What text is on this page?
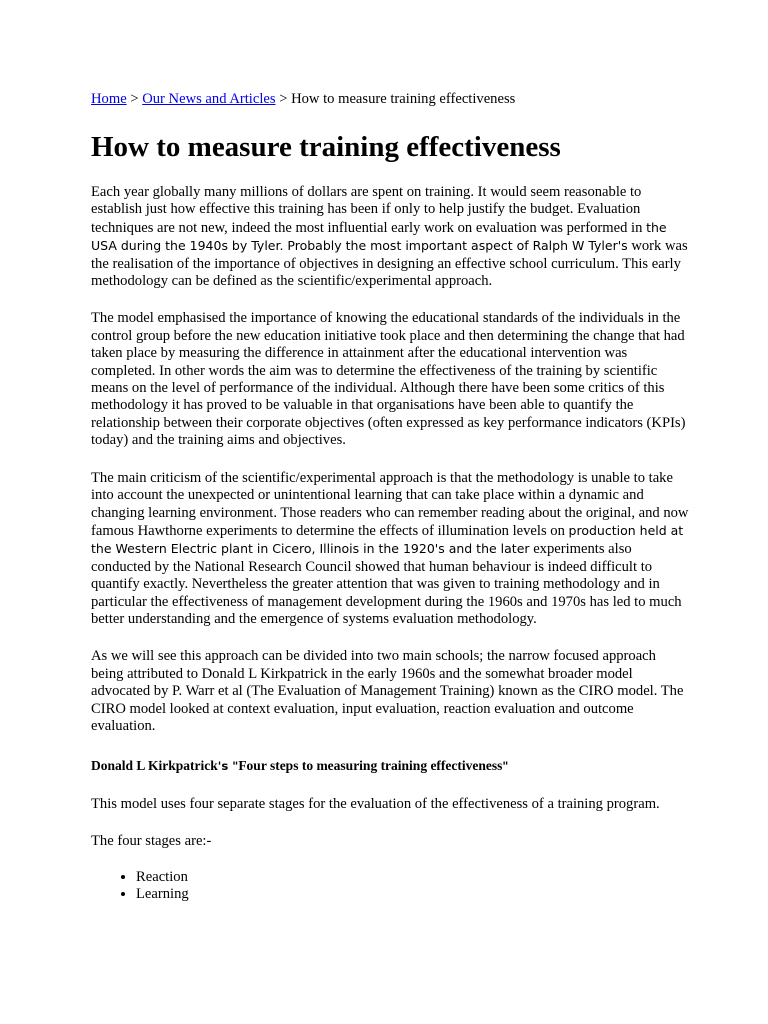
Home > Our News and Articles > How to measure training effectiveness

How to measure training effectiveness

Each year globally many millions of dollars are spent on training. It would seem reasonable to establish just how effective this training has been if only to help justify the budget. Evaluation techniques are not new, indeed the most influential early work on evaluation was performed in the USA during the 1940s by Tyler. Probably the most important aspect of Ralph W Tyler's work was the realisation of the importance of objectives in designing an effective school curriculum. This early methodology can be defined as the scientific/experimental approach.

The model emphasised the importance of knowing the educational standards of the individuals in the control group before the new education initiative took place and then determining the change that had taken place by measuring the difference in attainment after the educational intervention was completed. In other words the aim was to determine the effectiveness of the training by scientific means on the level of performance of the individual. Although there have been some critics of this methodology it has proved to be valuable in that organisations have been able to quantify the relationship between their corporate objectives (often expressed as key performance indicators (KPIs) today) and the training aims and objectives.

The main criticism of the scientific/experimental approach is that the methodology is unable to take into account the unexpected or unintentional learning that can take place within a dynamic and changing learning environment. Those readers who can remember reading about the original, and now famous Hawthorne experiments to determine the effects of illumination levels on production held at the Western Electric plant in Cicero, Illinois in the 1920's and the later experiments also conducted by the National Research Council showed that human behaviour is indeed difficult to quantify exactly. Nevertheless the greater attention that was given to training methodology and in particular the effectiveness of management development during the 1960s and 1970s has led to much better understanding and the emergence of systems evaluation methodology.

As we will see this approach can be divided into two main schools; the narrow focused approach being attributed to Donald L Kirkpatrick in the early 1960s and the somewhat broader model advocated by P. Warr et al (The Evaluation of Management Training) known as the CIRO model. The CIRO model looked at context evaluation, input evaluation, reaction evaluation and outcome evaluation.

Donald L Kirkpatrick's "Four steps to measuring training effectiveness"

This model uses four separate stages for the evaluation of the effectiveness of a training program.

The four stages are:-

• Reaction
• Learning
